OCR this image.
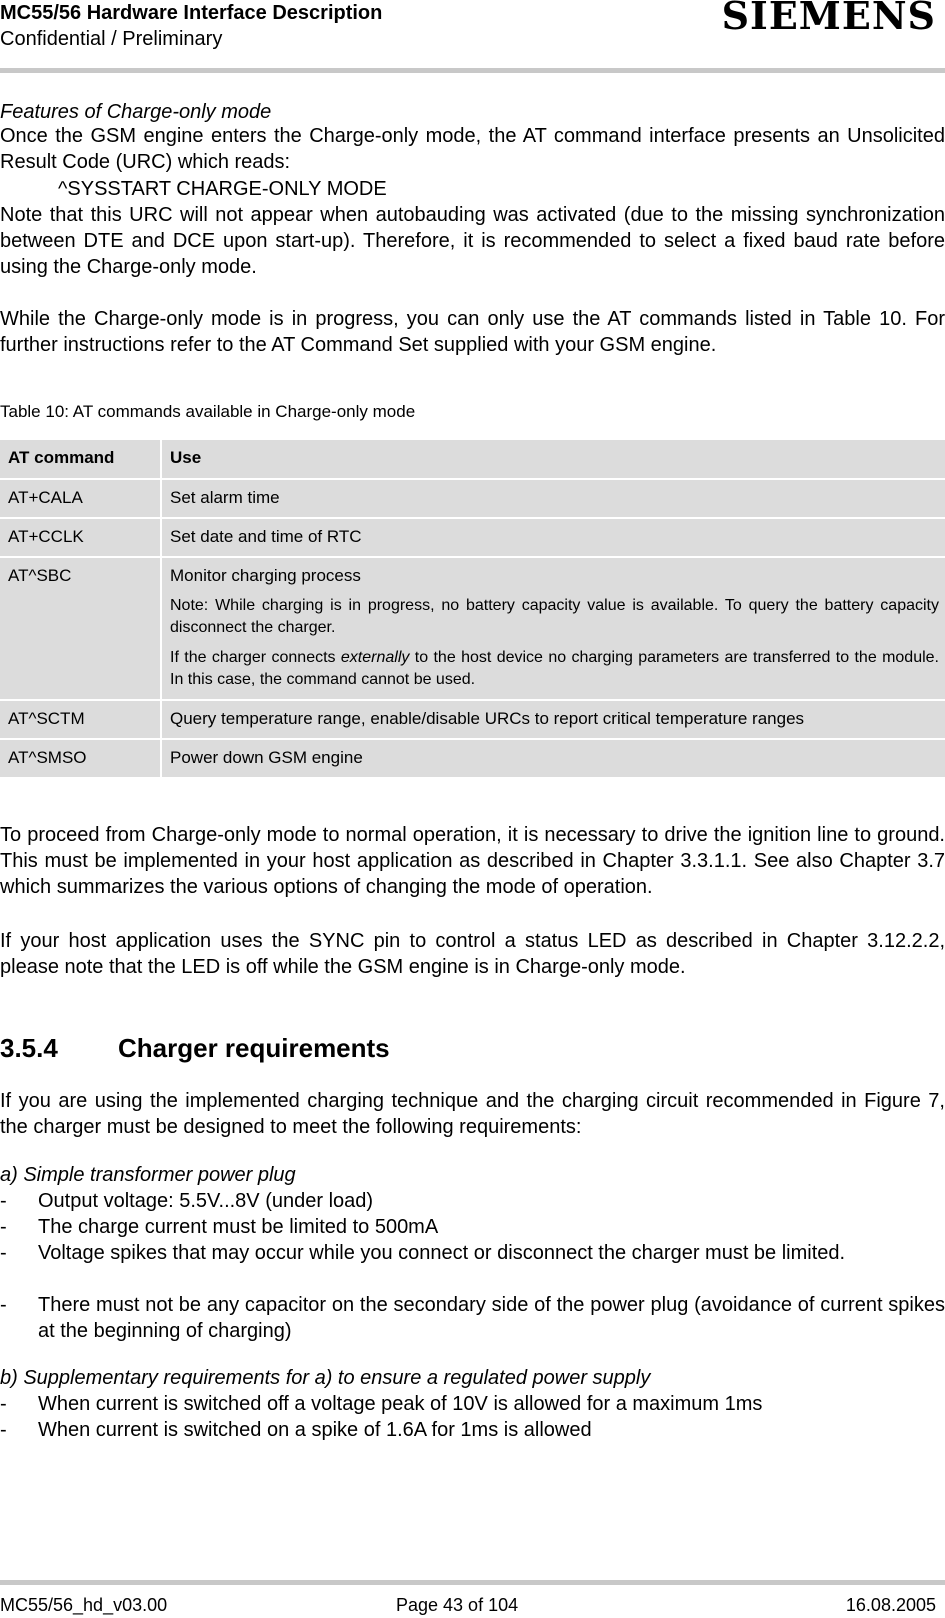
MC55/56 Hardware Interface Description
Confidential / Preliminary
SIEMENS
Features of Charge-only mode
Once the GSM engine enters the Charge-only mode, the AT command interface presents an Unsolicited Result Code (URC) which reads:
^SYSSTART CHARGE-ONLY MODE
Note that this URC will not appear when autobauding was activated (due to the missing synchronization between DTE and DCE upon start-up). Therefore, it is recommended to select a fixed baud rate before using the Charge-only mode.
While the Charge-only mode is in progress, you can only use the AT commands listed in Table 10. For further instructions refer to the AT Command Set supplied with your GSM engine.
Table 10: AT commands available in Charge-only mode
AT command	Use
AT+CALA	Set alarm time
AT+CCLK	Set date and time of RTC
AT^SBC	Monitor charging process

Note: While charging is in progress, no battery capacity value is available. To query the battery capacity disconnect the charger.

If the charger connects externally to the host device no charging parameters are transferred to the module. In this case, the command cannot be used.

AT^SCTM	Query temperature range, enable/disable URCs to report critical temperature ranges
AT^SMSO	Power down GSM engine
To proceed from Charge-only mode to normal operation, it is necessary to drive the ignition line to ground. This must be implemented in your host application as described in Chapter 3.3.1.1. See also Chapter 3.7 which summarizes the various options of changing the mode of operation.
If your host application uses the SYNC pin to control a status LED as described in Chapter 3.12.2.2, please note that the LED is off while the GSM engine is in Charge-only mode.
3.5.4 Charger requirements
If you are using the implemented charging technique and the charging circuit recommended in Figure 7, the charger must be designed to meet the following requirements:
a) Simple transformer power plug
- Output voltage: 5.5V...8V (under load)
- The charge current must be limited to 500mA
- Voltage spikes that may occur while you connect or disconnect the charger must be limited.
- There must not be any capacitor on the secondary side of the power plug (avoidance of current spikes at the beginning of charging)
b) Supplementary requirements for a) to ensure a regulated power supply
- When current is switched off a voltage peak of 10V is allowed for a maximum 1ms
- When current is switched on a spike of 1.6A for 1ms is allowed
MC55/56_hd_v03.00	Page 43 of 104	16.08.2005
